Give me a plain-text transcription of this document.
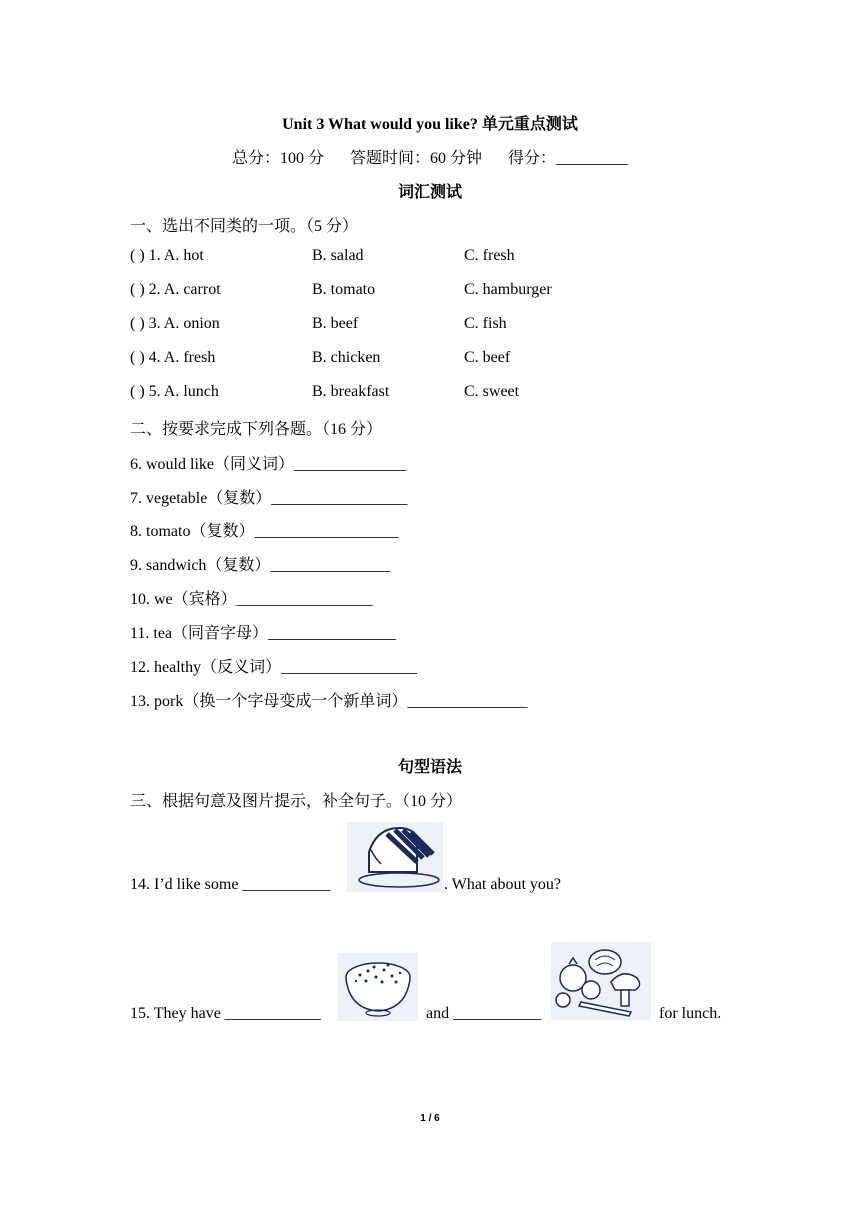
Unit 3 What would you like? 单元重点测试
总分：100 分 答题时间：60 分钟 得分：_________
词汇测试
一、选出不同类的一项。（5 分）
( ) 1. A. hot	B. salad	C. fresh
( ) 2. A. carrot	B. tomato	C. hamburger
( ) 3. A. onion	B. beef	C. fish
( ) 4. A. fresh	B. chicken	C. beef
( ) 5. A. lunch	B. breakfast	C. sweet
二、按要求完成下列各题。（16 分）
6. would like（同义词）______________
7. vegetable（复数）_________________
8. tomato（复数）__________________
9. sandwich（复数）_______________
10. we（宾格）_________________
11. tea（同音字母）________________
12. healthy（反义词）_________________
13. pork（换一个字母变成一个新单词）_______________
句型语法
三、根据句意及图片提示，补全句子。（10 分）
14. I’d like some ___________	. What about you?
15. They have ____________	and ___________	for lunch.
1 / 6
